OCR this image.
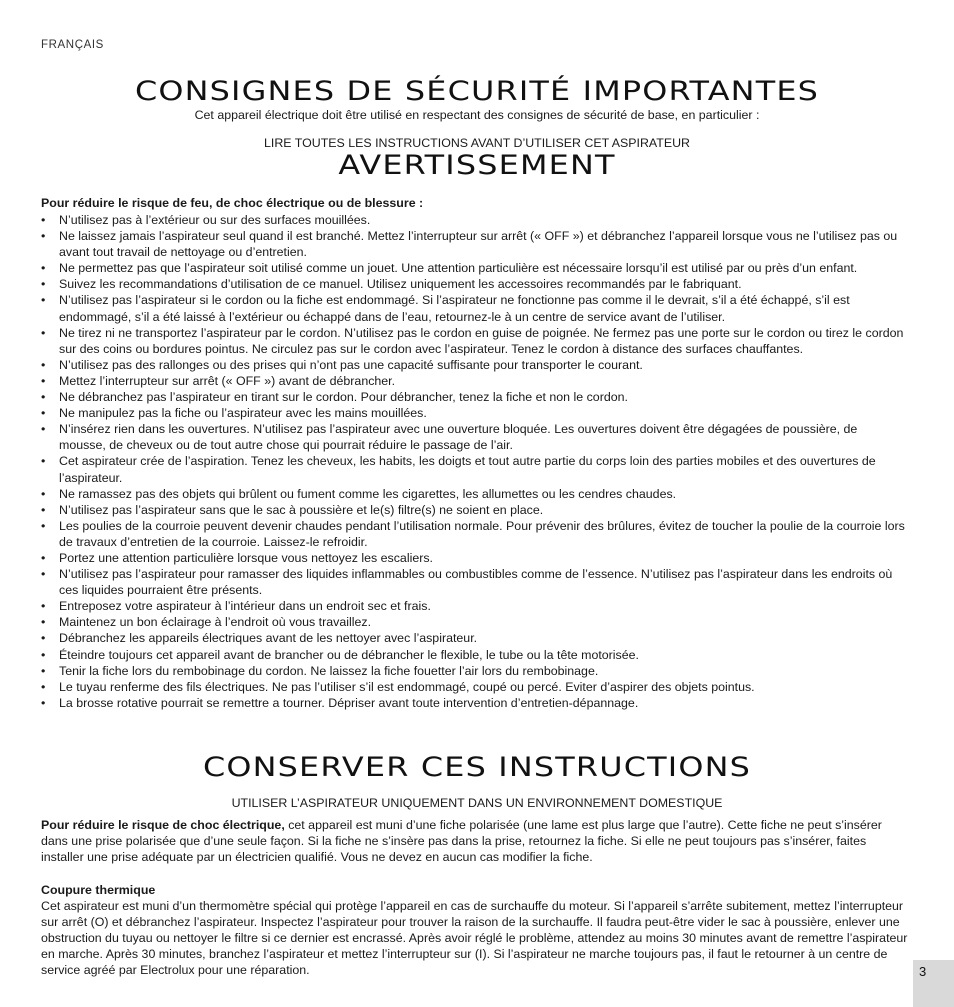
FRANÇAIS
CONSIGNES DE SÉCURITÉ IMPORTANTES
Cet appareil électrique doit être utilisé en respectant des consignes de sécurité de base, en particulier :
LIRE TOUTES LES INSTRUCTIONS AVANT D’UTILISER CET ASPIRATEUR
AVERTISSEMENT
Pour réduire le risque de feu, de choc électrique ou de blessure :
• N’utilisez pas à l’extérieur ou sur des surfaces mouillées.
• Ne laissez jamais l’aspirateur seul quand il est branché. Mettez l’interrupteur sur arrêt (« OFF ») et débranchez l’appareil lorsque vous ne l’utilisez pas ou avant tout travail de nettoyage ou d’entretien.
• Ne permettez pas que l’aspirateur soit utilisé comme un jouet. Une attention particulière est nécessaire lorsqu’il est utilisé par ou près d’un enfant.
• Suivez les recommandations d’utilisation de ce manuel. Utilisez uniquement les accessoires recommandés par le fabriquant.
• N’utilisez pas l’aspirateur si le cordon ou la fiche est endommagé. Si l’aspirateur ne fonctionne pas comme il le devrait, s’il a été échappé, s’il est endommagé, s’il a été laissé à l’extérieur ou échappé dans de l’eau, retournez-le à un centre de service avant de l’utiliser.
• Ne tirez ni ne transportez l’aspirateur par le cordon. N’utilisez pas le cordon en guise de poignée. Ne fermez pas une porte sur le cordon ou tirez le cordon sur des coins ou bordures pointus. Ne circulez pas sur le cordon avec l’aspirateur. Tenez le cordon à distance des surfaces chauffantes.
• N’utilisez pas des rallonges ou des prises qui n’ont pas une capacité suffisante pour transporter le courant.
• Mettez l’interrupteur sur arrêt (« OFF ») avant de débrancher.
• Ne débranchez pas l’aspirateur en tirant sur le cordon. Pour débrancher, tenez la fiche et non le cordon.
• Ne manipulez pas la fiche ou l’aspirateur avec les mains mouillées.
• N’insérez rien dans les ouvertures. N’utilisez pas l’aspirateur avec une ouverture bloquée. Les ouvertures doivent être dégagées de poussière, de mousse, de cheveux ou de tout autre chose qui pourrait réduire le passage de l’air.
• Cet aspirateur crée de l’aspiration. Tenez les cheveux, les habits, les doigts et tout autre partie du corps loin des parties mobiles et des ouvertures de l’aspirateur.
• Ne ramassez pas des objets qui brûlent ou fument comme les cigarettes, les allumettes ou les cendres chaudes.
• N’utilisez pas l’aspirateur sans que le sac à poussière et le(s) filtre(s) ne soient en place.
• Les poulies de la courroie peuvent devenir chaudes pendant l’utilisation normale. Pour prévenir des brûlures, évitez de toucher la poulie de la courroie lors de travaux d’entretien de la courroie. Laissez-le refroidir.
• Portez une attention particulière lorsque vous nettoyez les escaliers.
• N’utilisez pas l’aspirateur pour ramasser des liquides inflammables ou combustibles comme de l’essence. N’utilisez pas l’aspirateur dans les endroits où ces liquides pourraient être présents.
• Entreposez votre aspirateur à l’intérieur dans un endroit sec et frais.
• Maintenez un bon éclairage à l’endroit où vous travaillez.
• Débranchez les appareils électriques avant de les nettoyer avec l’aspirateur.
• Éteindre toujours cet appareil avant de brancher ou de débrancher le flexible, le tube ou la tête motorisée.
• Tenir la fiche lors du rembobinage du cordon. Ne laissez la fiche fouetter l’air lors du rembobinage.
• Le tuyau renferme des fils électriques. Ne pas l’utiliser s’il est endommagé, coupé ou percé. Eviter d’aspirer des objets pointus.
• La brosse rotative pourrait se remettre a tourner. Dépriser avant toute intervention d’entretien-dépannage.
CONSERVER CES INSTRUCTIONS
UTILISER L’ASPIRATEUR UNIQUEMENT DANS UN ENVIRONNEMENT DOMESTIQUE
Pour réduire le risque de choc électrique, cet appareil est muni d’une fiche polarisée (une lame est plus large que l’autre). Cette fiche ne peut s’insérer dans une prise polarisée que d’une seule façon. Si la fiche ne s’insère pas dans la prise, retournez la fiche. Si elle ne peut toujours pas s’insérer, faites installer une prise adéquate par un électricien qualifié. Vous ne devez en aucun cas modifier la fiche.
Coupure thermique
Cet aspirateur est muni d’un thermomètre spécial qui protège l’appareil en cas de surchauffe du moteur. Si l’appareil s’arrête subitement, mettez l’interrupteur sur arrêt (O) et débranchez l’aspirateur. Inspectez l’aspirateur pour trouver la raison de la surchauffe. Il faudra peut-être vider le sac à poussière, enlever une obstruction du tuyau ou nettoyer le filtre si ce dernier est encrassé. Après avoir réglé le problème, attendez au moins 30 minutes avant de remettre l’aspirateur en marche. Après 30 minutes, branchez l’aspirateur et mettez l’interrupteur sur (I). Si l’aspirateur ne marche toujours pas, il faut le retourner à un centre de service agréé par Electrolux pour une réparation.	3
